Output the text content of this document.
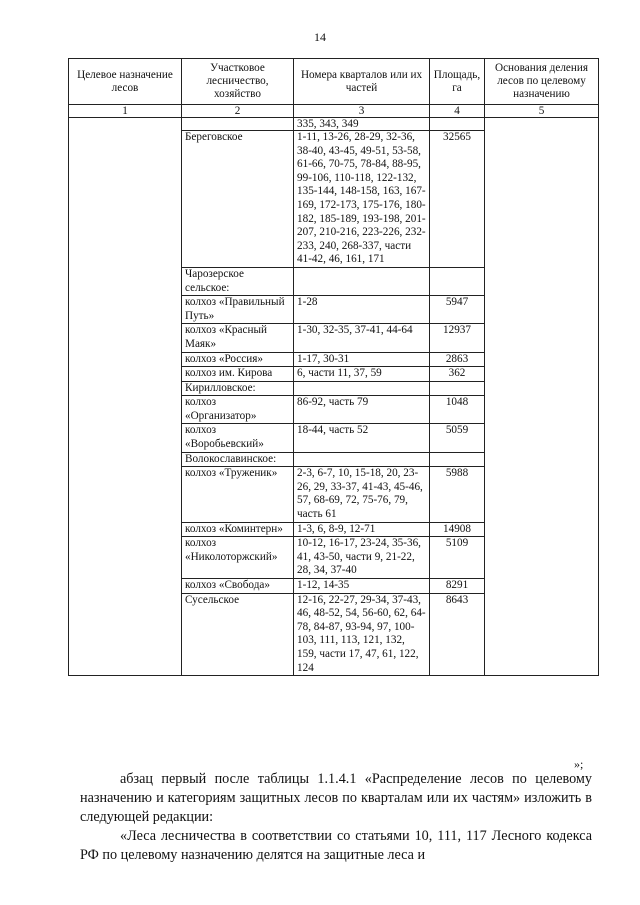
14
Целевое назначение лесов	Участковое лесничество, хозяйство	Номера кварталов или их частей	Площадь, га	Основания деления лесов по целевому назначению
1	2	3	4	5
		335, 343, 349		
	Береговское	1-11, 13-26, 28-29, 32-36, 38-40, 43-45, 49-51, 53-58, 61-66, 70-75, 78-84, 88-95, 99-106, 110-118, 122-132, 135-144, 148-158, 163, 167-169, 172-173, 175-176, 180-182, 185-189, 193-198, 201-207, 210-216, 223-226, 232-233, 240, 268-337, части 41-42, 46, 161, 171	32565	
	Чарозерское сельское:			
	колхоз «Правильный Путь»	1-28	5947	
	колхоз «Красный Маяк»	1-30, 32-35, 37-41, 44-64	12937	
	колхоз «Россия»	1-17, 30-31	2863	
	колхоз им. Кирова	6, части 11, 37, 59	362	
	Кирилловское:			
	колхоз «Организатор»	86-92, часть 79	1048	
	колхоз «Воробьевский»	18-44, часть 52	5059	
	Волокославинское:			
	колхоз «Труженик»	2-3, 6-7, 10, 15-18, 20, 23-26, 29, 33-37, 41-43, 45-46, 57, 68-69, 72, 75-76, 79, часть 61	5988	
	колхоз «Коминтерн»	1-3, 6, 8-9, 12-71	14908	
	колхоз «Николоторжский»	10-12, 16-17, 23-24, 35-36, 41, 43-50, части 9, 21-22, 28, 34, 37-40	5109	
	колхоз «Свобода»	1-12, 14-35	8291	
	Сусельское	12-16, 22-27, 29-34, 37-43, 46, 48-52, 54, 56-60, 62, 64-78, 84-87, 93-94, 97, 100-103, 111, 113, 121, 132, 159, части 17, 47, 61, 122, 124	8643	
»;
абзац первый после таблицы 1.1.4.1 «Распределение лесов по целевому назначению и категориям защитных лесов по кварталам или их частям» изложить в следующей редакции:
«Леса лесничества в соответствии со статьями 10, 111, 117 Лесного кодекса РФ по целевому назначению делятся на защитные леса и
